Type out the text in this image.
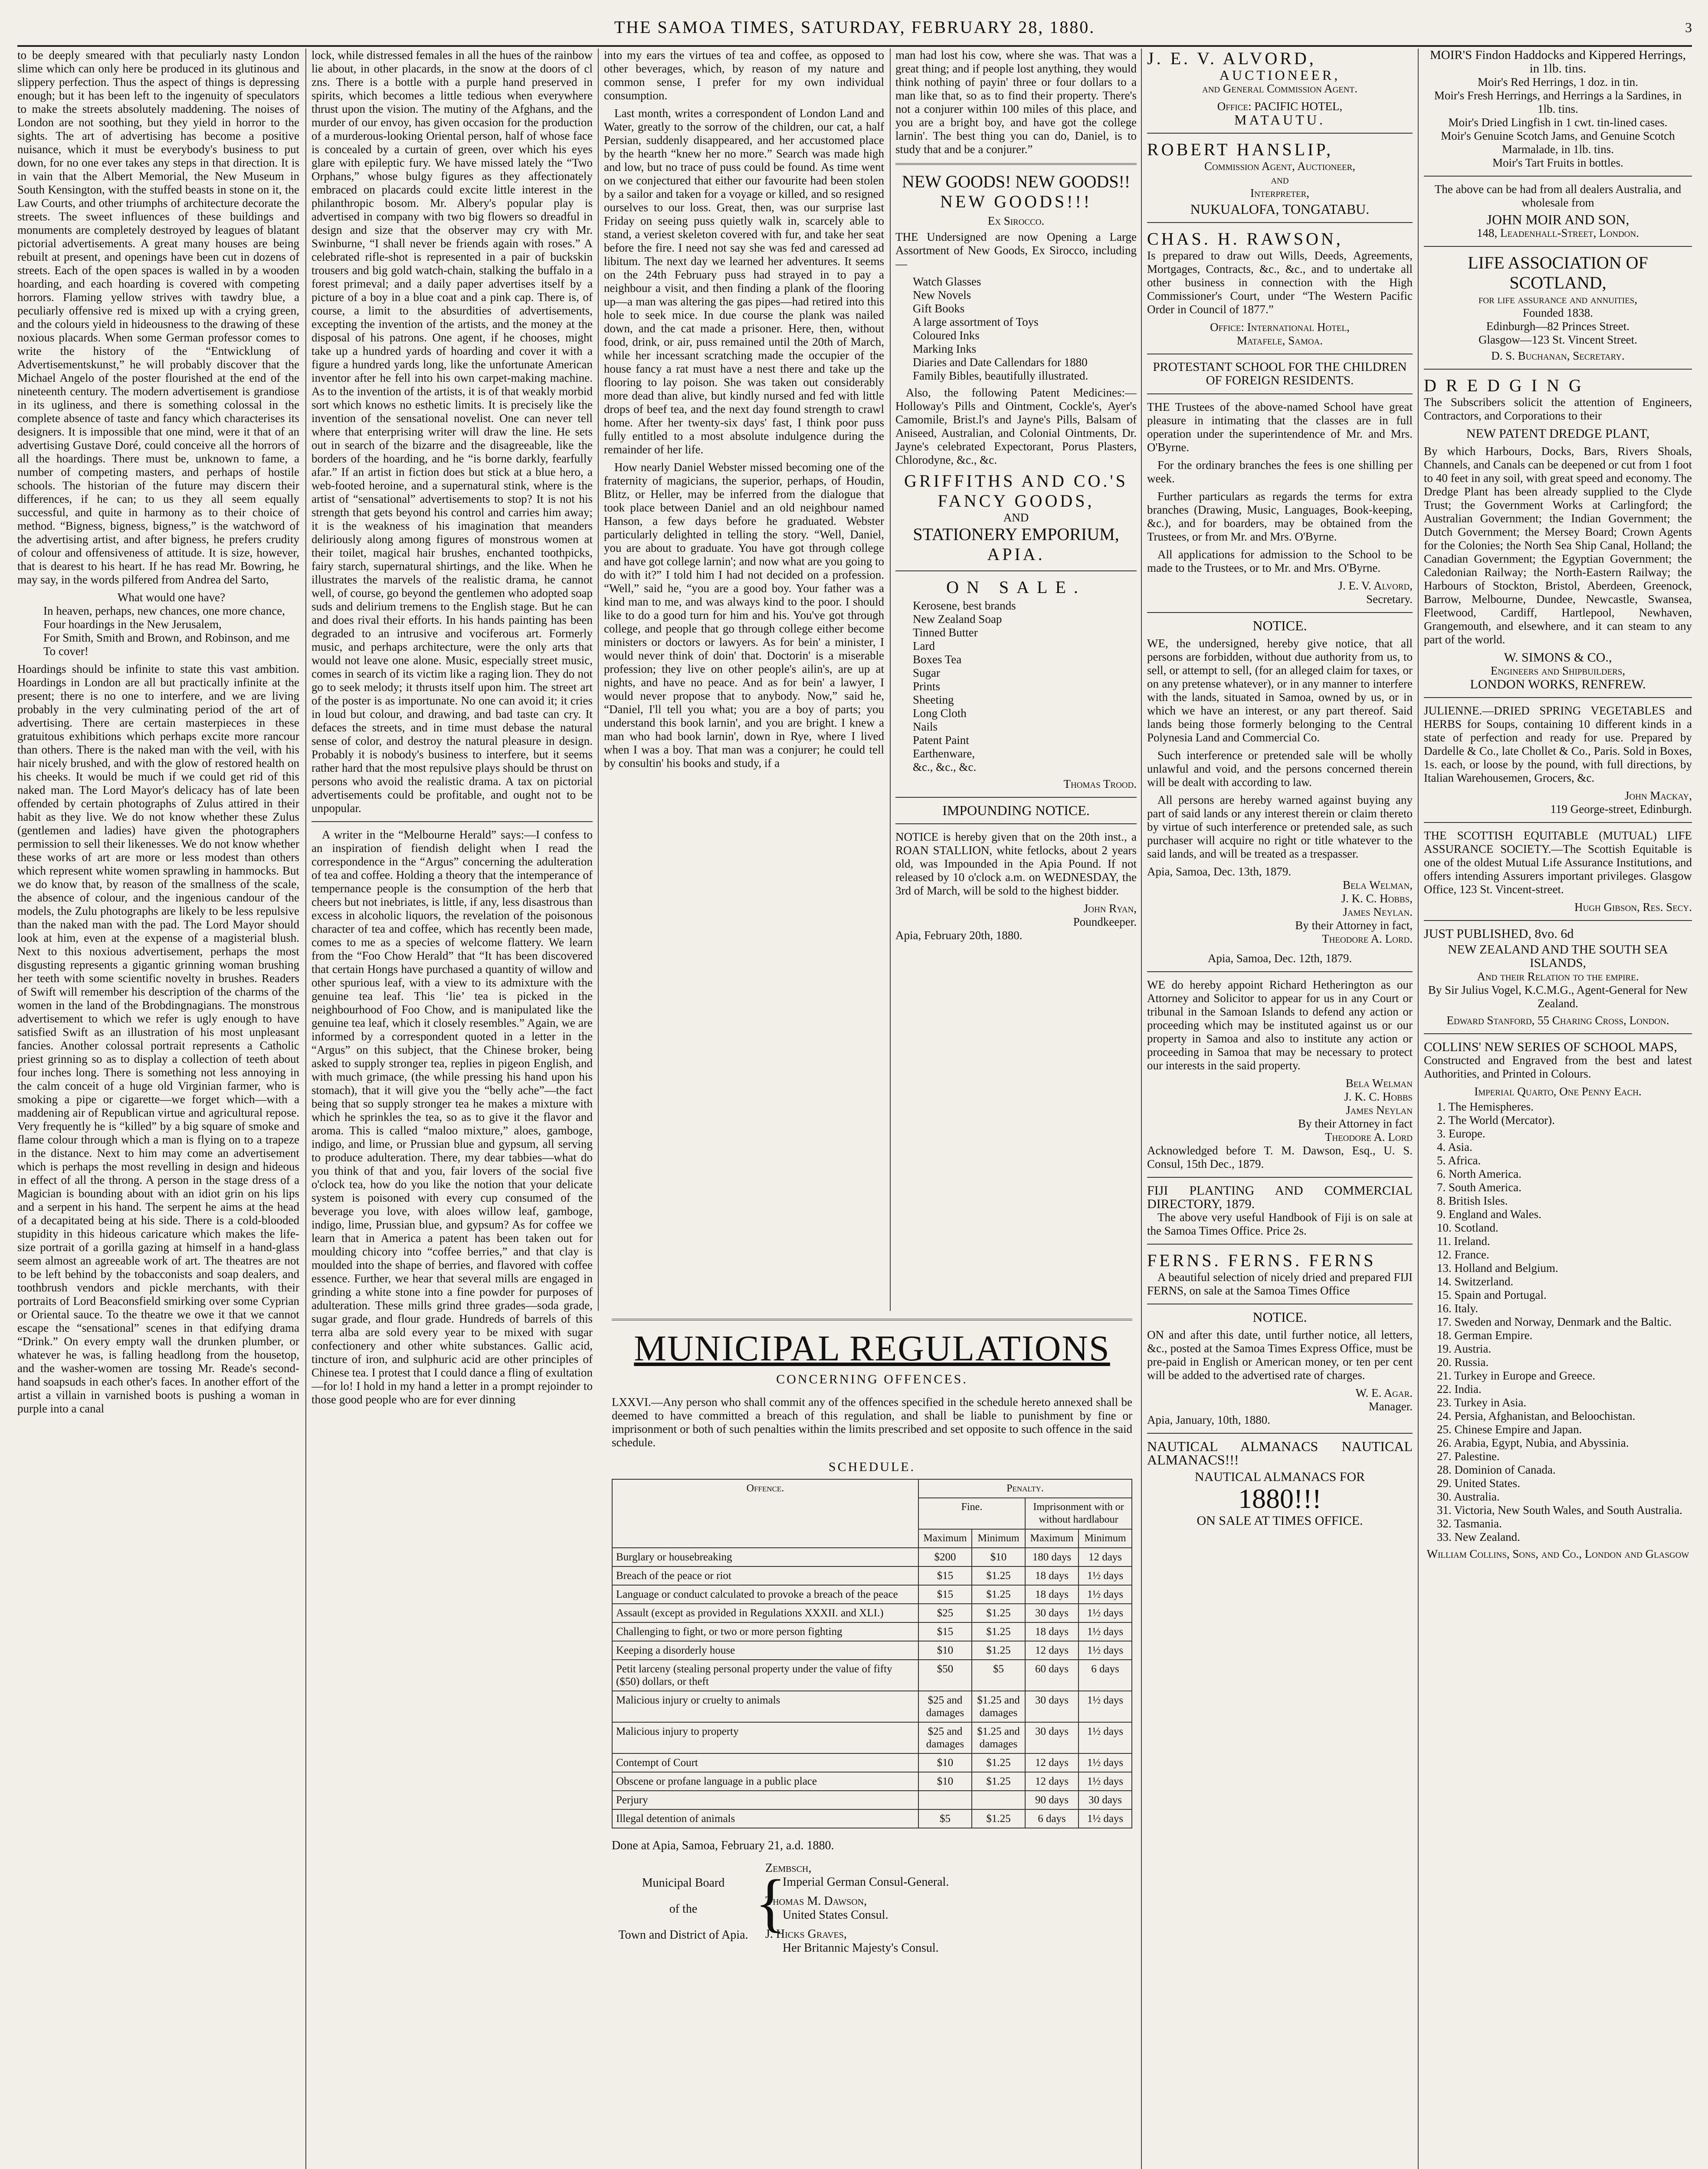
THE SAMOA TIMES, SATURDAY, FEBRUARY 28, 1880.	3

to be deeply smeared with that peculiarly nasty London slime which can only here be produced in its glutinous and slippery perfection. Thus the aspect of things is depressing enough; but it has been left to the ingenuity of speculators to make the streets absolutely maddening. The noises of London are not soothing, but they yield in horror to the sights. The art of advertising has become a positive nuisance, which it must be everybody's business to put down, for no one ever takes any steps in that direction. It is in vain that the Albert Memorial, the New Museum in South Kensington, with the stuffed beasts in stone on it, the Law Courts, and other triumphs of architecture decorate the streets. The sweet influences of these buildings and monuments are completely destroyed by leagues of blatant pictorial advertisements. A great many houses are being rebuilt at present, and openings have been cut in dozens of streets. Each of the open spaces is walled in by a wooden hoarding, and each hoarding is covered with competing horrors. Flaming yellow strives with tawdry blue, a peculiarly offensive red is mixed up with a crying green, and the colours yield in hideousness to the drawing of these noxious placards. When some German professor comes to write the history of the “Entwicklung of Advertisementskunst,” he will probably discover that the Michael Angelo of the poster flourished at the end of the nineteenth century. The modern advertisement is grandiose in its ugliness, and there is something colossal in the complete absence of taste and fancy which characterises its designers. It is impossible that one mind, were it that of an advertising Gustave Doré, could conceive all the horrors of all the hoardings. There must be, unknown to fame, a number of competing masters, and perhaps of hostile schools. The historian of the future may discern their differences, if he can; to us they all seem equally successful, and quite in harmony as to their choice of method. “Bigness, bigness, bigness,” is the watchword of the advertising artist, and after bigness, he prefers crudity of colour and offensiveness of attitude. It is size, however, that is dearest to his heart. If he has read Mr. Bowring, he may say, in the words pilfered from Andrea del Sarto,

What would one have?
In heaven, perhaps, new chances, one more chance,
Four hoardings in the New Jerusalem,
For Smith, Smith and Brown, and Robinson, and me
To cover!

Hoardings should be infinite to state this vast ambition. Hoardings in London are all but practically infinite at the present; there is no one to interfere, and we are living probably in the very culminating period of the art of advertising. There are certain masterpieces in these gratuitous exhibitions which perhaps excite more rancour than others. There is the naked man with the veil, with his hair nicely brushed, and with the glow of restored health on his cheeks. It would be much if we could get rid of this naked man. The Lord Mayor's delicacy has of late been offended by certain photographs of Zulus attired in their habit as they live. We do not know whether these Zulus (gentlemen and ladies) have given the photographers permission to sell their likenesses. We do not know whether these works of art are more or less modest than others which represent white women sprawling in hammocks. But we do know that, by reason of the smallness of the scale, the absence of colour, and the ingenious candour of the models, the Zulu photographs are likely to be less repulsive than the naked man with the pad. The Lord Mayor should look at him, even at the expense of a magisterial blush. Next to this noxious advertisement, perhaps the most disgusting represents a gigantic grinning woman brushing her teeth with some scientific novelty in brushes. Readers of Swift will remember his description of the charms of the women in the land of the Brobdingnagians. The monstrous advertisement to which we refer is ugly enough to have satisfied Swift as an illustration of his most unpleasant fancies. Another colossal portrait represents a Catholic priest grinning so as to display a collection of teeth about four inches long. There is something not less annoying in the calm conceit of a huge old Virginian farmer, who is smoking a pipe or cigarette—we forget which—with a maddening air of Republican virtue and agricultural repose. Very frequently he is “killed” by a big square of smoke and flame colour through which a man is flying on to a trapeze in the distance. Next to him may come an advertisement which is perhaps the most revelling in design and hideous in effect of all the throng. A person in the stage dress of a Magician is bounding about with an idiot grin on his lips and a serpent in his hand. The serpent he aims at the head of a decapitated being at his side. There is a cold-blooded stupidity in this hideous caricature which makes the life-size portrait of a gorilla gazing at himself in a hand-glass seem almost an agreeable work of art. The theatres are not to be left behind by the tobacconists and soap dealers, and toothbrush vendors and pickle merchants, with their portraits of Lord Beaconsfield smirking over some Cyprian or Oriental sauce. To the theatre we owe it that we cannot escape the “sensational” scenes in that edifying drama “Drink.” On every empty wall the drunken plumber, or whatever he was, is falling headlong from the housetop, and the washer-women are tossing Mr. Reade's second-hand soapsuds in each other's faces. In another effort of the artist a villain in varnished boots is pushing a woman in purple into a canal

lock, while distressed females in all the hues of the rainbow lie about, in other placards, in the snow at the doors of cl zns. There is a bottle with a purple hand preserved in spirits, which becomes a little tedious when everywhere thrust upon the vision. The mutiny of the Afghans, and the murder of our envoy, has given occasion for the production of a murderous-looking Oriental person, half of whose face is concealed by a curtain of green, over which his eyes glare with epileptic fury. We have missed lately the “Two Orphans,” whose bulgy figures as they affectionately embraced on placards could excite little interest in the philanthropic bosom. Mr. Albery's popular play is advertised in company with two big flowers so dreadful in design and size that the observer may cry with Mr. Swinburne, “I shall never be friends again with roses.” A celebrated rifle-shot is represented in a pair of buckskin trousers and big gold watch-chain, stalking the buffalo in a forest primeval; and a daily paper advertises itself by a picture of a boy in a blue coat and a pink cap. There is, of course, a limit to the absurdities of advertisements, excepting the invention of the artists, and the money at the disposal of his patrons. One agent, if he chooses, might take up a hundred yards of hoarding and cover it with a figure a hundred yards long, like the unfortunate American inventor after he fell into his own carpet-making machine. As to the invention of the artists, it is of that weakly morbid sort which knows no esthetic limits. It is precisely like the invention of the sensational novelist. One can never tell where that enterprising writer will draw the line. He sets out in search of the bizarre and the disagreeable, like the borders of the hoarding, and he “is borne darkly, fearfully afar.” If an artist in fiction does but stick at a blue hero, a web-footed heroine, and a supernatural stink, where is the artist of “sensational” advertisements to stop? It is not his strength that gets beyond his control and carries him away; it is the weakness of his imagination that meanders deliriously along among figures of monstrous women at their toilet, magical hair brushes, enchanted toothpicks, fairy starch, supernatural shirtings, and the like. When he illustrates the marvels of the realistic drama, he cannot well, of course, go beyond the gentlemen who adopted soap suds and delirium tremens to the English stage. But he can and does rival their efforts. In his hands painting has been degraded to an intrusive and vociferous art. Formerly music, and perhaps architecture, were the only arts that would not leave one alone. Music, especially street music, comes in search of its victim like a raging lion. They do not go to seek melody; it thrusts itself upon him. The street art of the poster is as importunate. No one can avoid it; it cries in loud but colour, and drawing, and bad taste can cry. It defaces the streets, and in time must debase the natural sense of color, and destroy the natural pleasure in design. Probably it is nobody's business to interfere, but it seems rather hard that the most repulsive plays should be thrust on persons who avoid the realistic drama. A tax on pictorial advertisements could be profitable, and ought not to be unpopular.

A writer in the “Melbourne Herald” says:—I confess to an inspiration of fiendish delight when I read the correspondence in the “Argus” concerning the adulteration of tea and coffee. Holding a theory that the intemperance of tempernance people is the consumption of the herb that cheers but not inebriates, is little, if any, less disastrous than excess in alcoholic liquors, the revelation of the poisonous character of tea and coffee, which has recently been made, comes to me as a species of welcome flattery. We learn from the “Foo Chow Herald” that “It has been discovered that certain Hongs have purchased a quantity of willow and other spurious leaf, with a view to its admixture with the genuine tea leaf. This ‘lie’ tea is picked in the neighbourhood of Foo Chow, and is manipulated like the genuine tea leaf, which it closely resembles.” Again, we are informed by a correspondent quoted in a letter in the “Argus” on this subject, that the Chinese broker, being asked to supply stronger tea, replies in pigeon English, and with much grimace, (the while pressing his hand upon his stomach), that it will give you the “belly ache”—the fact being that so supply stronger tea he makes a mixture with which he sprinkles the tea, so as to give it the flavor and aroma. This is called “maloo mixture,” aloes, gamboge, indigo, and lime, or Prussian blue and gypsum, all serving to produce adulteration. There, my dear tabbies—what do you think of that and you, fair lovers of the social five o'clock tea, how do you like the notion that your delicate system is poisoned with every cup consumed of the beverage you love, with aloes willow leaf, gamboge, indigo, lime, Prussian blue, and gypsum? As for coffee we learn that in America a patent has been taken out for moulding chicory into “coffee berries,” and that clay is moulded into the shape of berries, and flavored with coffee essence. Further, we hear that several mills are engaged in grinding a white stone into a fine powder for purposes of adulteration. These mills grind three grades—soda grade, sugar grade, and flour grade. Hundreds of barrels of this terra alba are sold every year to be mixed with sugar confectionery and other white substances. Gallic acid, tincture of iron, and sulphuric acid are other principles of Chinese tea. I protest that I could dance a fling of exultation—for lo! I hold in my hand a letter in a prompt rejoinder to those good people who are for ever dinning

into my ears the virtues of tea and coffee, as opposed to other beverages, which, by reason of my nature and common sense, I prefer for my own individual consumption.

Last month, writes a correspondent of London Land and Water, greatly to the sorrow of the children, our cat, a half Persian, suddenly disappeared, and her accustomed place by the hearth “knew her no more.” Search was made high and low, but no trace of puss could be found. As time went on we conjectured that either our favourite had been stolen by a sailor and taken for a voyage or killed, and so resigned ourselves to our loss. Great, then, was our surprise last Friday on seeing puss quietly walk in, scarcely able to stand, a veriest skeleton covered with fur, and take her seat before the fire. I need not say she was fed and caressed ad libitum. The next day we learned her adventures. It seems on the 24th February puss had strayed in to pay a neighbour a visit, and then finding a plank of the flooring up—a man was altering the gas pipes—had retired into this hole to seek mice. In due course the plank was nailed down, and the cat made a prisoner. Here, then, without food, drink, or air, puss remained until the 20th of March, while her incessant scratching made the occupier of the house fancy a rat must have a nest there and take up the flooring to lay poison. She was taken out considerably more dead than alive, but kindly nursed and fed with little drops of beef tea, and the next day found strength to crawl home. After her twenty-six days' fast, I think poor puss fully entitled to a most absolute indulgence during the remainder of her life.

How nearly Daniel Webster missed becoming one of the fraternity of magicians, the superior, perhaps, of Houdin, Blitz, or Heller, may be inferred from the dialogue that took place between Daniel and an old neighbour named Hanson, a few days before he graduated. Webster particularly delighted in telling the story. “Well, Daniel, you are about to graduate. You have got through college and have got college larnin'; and now what are you going to do with it?” I told him I had not decided on a profession. “Well,” said he, “you are a good boy. Your father was a kind man to me, and was always kind to the poor. I should like to do a good turn for him and his. You've got through college, and people that go through college either become ministers or doctors or lawyers. As for bein' a minister, I would never think of doin' that. Doctorin' is a miserable profession; they live on other people's ailin's, are up at nights, and have no peace. And as for bein' a lawyer, I would never propose that to anybody. Now,” said he, “Daniel, I'll tell you what; you are a boy of parts; you understand this book larnin', and you are bright. I knew a man who had book larnin', down in Rye, where I lived when I was a boy. That man was a conjurer; he could tell by consultin' his books and study, if a

man had lost his cow, where she was. That was a great thing; and if people lost anything, they would think nothing of payin' three or four dollars to a man like that, so as to find their property. There's not a conjurer within 100 miles of this place, and you are a bright boy, and have got the college larnin'. The best thing you can do, Daniel, is to study that and be a conjurer.”

NEW GOODS! NEW GOODS!!
NEW GOODS!!!
Ex Sirocco.

THE Undersigned are now Opening a Large Assortment of New Goods, Ex Sirocco, including—

Watch Glasses
New Novels
Gift Books
A large assortment of Toys
Coloured Inks
Marking Inks
Diaries and Date Callendars for 1880
Family Bibles, beautifully illustrated.

Also, the following Patent Medicines:—Holloway's Pills and Ointment, Cockle's, Ayer's Camomile, Brist.l's and Jayne's Pills, Balsam of Aniseed, Australian, and Colonial Ointments, Dr. Jayne's celebrated Expectorant, Porus Plasters, Chlorodyne, &c., &c.

GRIFFITHS AND CO.'S
FANCY GOODS,
AND
STATIONERY EMPORIUM,
APIA.
ON SALE.
Kerosene, best brands
New Zealand Soap
Tinned Butter
Lard
Boxes Tea
Sugar
Prints
Sheeting
Long Cloth
Nails
Patent Paint
Earthenware,
&c., &c., &c.
Thomas Trood.
IMPOUNDING NOTICE.

NOTICE is hereby given that on the 20th inst., a ROAN STALLION, white fetlocks, about 2 years old, was Impounded in the Apia Pound. If not released by 10 o'clock a.m. on WEDNESDAY, the 3rd of March, will be sold to the highest bidder.

John Ryan,
Poundkeeper.
Apia, February 20th, 1880.
MUNICIPAL REGULATIONS
CONCERNING OFFENCES.
LXXVI.—Any person who shall commit any of the offences specified in the schedule hereto annexed shall be deemed to have committed a breach of this regulation, and shall be liable to punishment by fine or imprisonment or both of such penalties within the limits prescribed and set opposite to such offence in the said schedule.
SCHEDULE.
Offence.	Penalty.			
	Fine.		Imprisonment with or without hardlabour	
	Maximum	Minimum	Maximum	Minimum
Burglary or housebreaking	$200	$10	180 days	12 days
Breach of the peace or riot	$15	$1.25	18 days	1½ days
Language or conduct calculated to provoke a breach of the peace	$15	$1.25	18 days	1½ days
Assault (except as provided in Regulations XXXII. and XLI.)	$25	$1.25	30 days	1½ days
Challenging to fight, or two or more person fighting	$15	$1.25	18 days	1½ days
Keeping a disorderly house	$10	$1.25	12 days	1½ days
Petit larceny (stealing personal property under the value of fifty ($50) dollars, or theft	$50	$5	60 days	6 days
Malicious injury or cruelty to animals	$25 and damages	$1.25 and damages	30 days	1½ days
Malicious injury to property	$25 and damages	$1.25 and damages	30 days	1½ days
Contempt of Court	$10	$1.25	12 days	1½ days
Obscene or profane language in a public place	$10	$1.25	12 days	1½ days
Perjury			90 days	30 days
Illegal detention of animals	$5	$1.25	6 days	1½ days
Done at Apia, Samoa, February 21, a.d. 1880.
Municipal Board
of the
Town and District of Apia. {
Zembsch,
Imperial German Consul-General.
Thomas M. Dawson,
United States Consul.
J. Hicks Graves,
Her Britannic Majesty's Consul.
J. E. V. ALVORD,
AUCTIONEER,
and General Commission Agent.
Office: PACIFIC HOTEL,
MATAUTU.
ROBERT HANSLIP,
Commission Agent, Auctioneer,
and
Interpreter,
NUKUALOFA, TONGATABU.
CHAS. H. RAWSON,

Is prepared to draw out Wills, Deeds, Agreements, Mortgages, Contracts, &c., &c., and to undertake all other business in connection with the High Commissioner's Court, under “The Western Pacific Order in Council of 1877.”

Office: International Hotel,
Matafele, Samoa.
PROTESTANT SCHOOL FOR THE CHILDREN OF FOREIGN RESIDENTS.

THE Trustees of the above-named School have great pleasure in intimating that the classes are in full operation under the superintendence of Mr. and Mrs. O'Byrne.

For the ordinary branches the fees is one shilling per week.

Further particulars as regards the terms for extra branches (Drawing, Music, Languages, Book-keeping, &c.), and for boarders, may be obtained from the Trustees, or from Mr. and Mrs. O'Byrne.

All applications for admission to the School to be made to the Trustees, or to Mr. and Mrs. O'Byrne.

J. E. V. Alvord,
Secretary.
NOTICE.

WE, the undersigned, hereby give notice, that all persons are forbidden, without due authority from us, to sell, or attempt to sell, (for an alleged claim for taxes, or on any pretense whatever), or in any manner to interfere with the lands, situated in Samoa, owned by us, or in which we have an interest, or any part thereof. Said lands being those formerly belonging to the Central Polynesia Land and Commercial Co.

Such interference or pretended sale will be wholly unlawful and void, and the persons concerned therein will be dealt with according to law.

All persons are hereby warned against buying any part of said lands or any interest therein or claim thereto by virtue of such interference or pretended sale, as such purchaser will acquire no right or title whatever to the said lands, and will be treated as a trespasser.

Apia, Samoa, Dec. 13th, 1879.
Bela Welman,
J. K. C. Hobbs,
James Neylan.
By their Attorney in fact,
Theodore A. Lord.
Apia, Samoa, Dec. 12th, 1879.

WE do hereby appoint Richard Hetherington as our Attorney and Solicitor to appear for us in any Court or tribunal in the Samoan Islands to defend any action or proceeding which may be instituted against us or our property in Samoa and also to institute any action or proceeding in Samoa that may be necessary to protect our interests in the said property.

Bela Welman
J. K. C. Hobbs
James Neylan
By their Attorney in fact
Theodore A. Lord

Acknowledged before T. M. Dawson, Esq., U. S. Consul, 15th Dec., 1879.

FIJI PLANTING AND COMMERCIAL DIRECTORY, 1879.

The above very useful Handbook of Fiji is on sale at the Samoa Times Office. Price 2s.

FERNS. FERNS. FERNS

A beautiful selection of nicely dried and prepared FIJI FERNS, on sale at the Samoa Times Office

NOTICE.

ON and after this date, until further notice, all letters, &c., posted at the Samoa Times Express Office, must be pre-paid in English or American money, or ten per cent will be added to the advertised rate of charges.

W. E. Agar.
Manager.
Apia, January, 10th, 1880.
NAUTICAL ALMANACS NAUTICAL ALMANACS!!!
NAUTICAL ALMANACS FOR
1880!!!
ON SALE AT TIMES OFFICE.
MOIR'S Findon Haddocks and Kippered Herrings, in 1lb. tins.
Moir's Red Herrings, 1 doz. in tin.
Moir's Fresh Herrings, and Herrings a la Sardines, in 1lb. tins.
Moir's Dried Lingfish in 1 cwt. tin-lined cases.
Moir's Genuine Scotch Jams, and Genuine Scotch Marmalade, in 1lb. tins.
Moir's Tart Fruits in bottles.
The above can be had from all dealers Australia, and wholesale from
JOHN MOIR AND SON,
148, Leadenhall-Street, London.
LIFE ASSOCIATION OF SCOTLAND,
for life assurance and annuities,
Founded 1838.
Edinburgh—82 Princes Street.
Glasgow—123 St. Vincent Street.
D. S. Buchanan, Secretary.
DREDGING

The Subscribers solicit the attention of Engineers, Contractors, and Corporations to their

NEW PATENT DREDGE PLANT,

By which Harbours, Docks, Bars, Rivers Shoals, Channels, and Canals can be deepened or cut from 1 foot to 40 feet in any soil, with great speed and economy. The Dredge Plant has been already supplied to the Clyde Trust; the Government Works at Carlingford; the Australian Government; the Indian Government; the Dutch Government; the Mersey Board; Crown Agents for the Colonies; the North Sea Ship Canal, Holland; the Canadian Government; the Egyptian Government; the Caledonian Railway; the North-Eastern Railway; the Harbours of Stockton, Bristol, Aberdeen, Greenock, Barrow, Melbourne, Dundee, Newcastle, Swansea, Fleetwood, Cardiff, Hartlepool, Newhaven, Grangemouth, and elsewhere, and it can steam to any part of the world.

W. SIMONS & CO.,
Engineers and Shipbuilders,
LONDON WORKS, RENFREW.

JULIENNE.—DRIED SPRING VEGETABLES and HERBS for Soups, containing 10 different kinds in a state of perfection and ready for use. Prepared by Dardelle & Co., late Chollet & Co., Paris. Sold in Boxes, 1s. each, or loose by the pound, with full directions, by Italian Warehousemen, Grocers, &c.

John Mackay,
119 George-street, Edinburgh.

THE SCOTTISH EQUITABLE (MUTUAL) LIFE ASSURANCE SOCIETY.—The Scottish Equitable is one of the oldest Mutual Life Assurance Institutions, and offers intending Assurers important privileges. Glasgow Office, 123 St. Vincent-street.

Hugh Gibson, Res. Secy.
JUST PUBLISHED, 8vo. 6d
NEW ZEALAND AND THE SOUTH SEA ISLANDS,
And their Relation to the empire.
By Sir Julius Vogel, K.C.M.G., Agent-General for New Zealand.
Edward Stanford, 55 Charing Cross, London.
COLLINS' NEW SERIES OF SCHOOL MAPS,

Constructed and Engraved from the best and latest Authorities, and Printed in Colours.

Imperial Quarto, One Penny Each.
1. The Hemispheres.
2. The World (Mercator).
3. Europe.
4. Asia.
5. Africa.
6. North America.
7. South America.
8. British Isles.
9. England and Wales.
10. Scotland.
11. Ireland.
12. France.
13. Holland and Belgium.
14. Switzerland.
15. Spain and Portugal.
16. Italy.
17. Sweden and Norway, Denmark and the Baltic.
18. German Empire.
19. Austria.
20. Russia.
21. Turkey in Europe and Greece.
22. India.
23. Turkey in Asia.
24. Persia, Afghanistan, and Beloochistan.
25. Chinese Empire and Japan.
26. Arabia, Egypt, Nubia, and Abyssinia.
27. Palestine.
28. Dominion of Canada.
29. United States.
30. Australia.
31. Victoria, New South Wales, and South Australia.
32. Tasmania.
33. New Zealand.
William Collins, Sons, and Co., London and Glasgow
